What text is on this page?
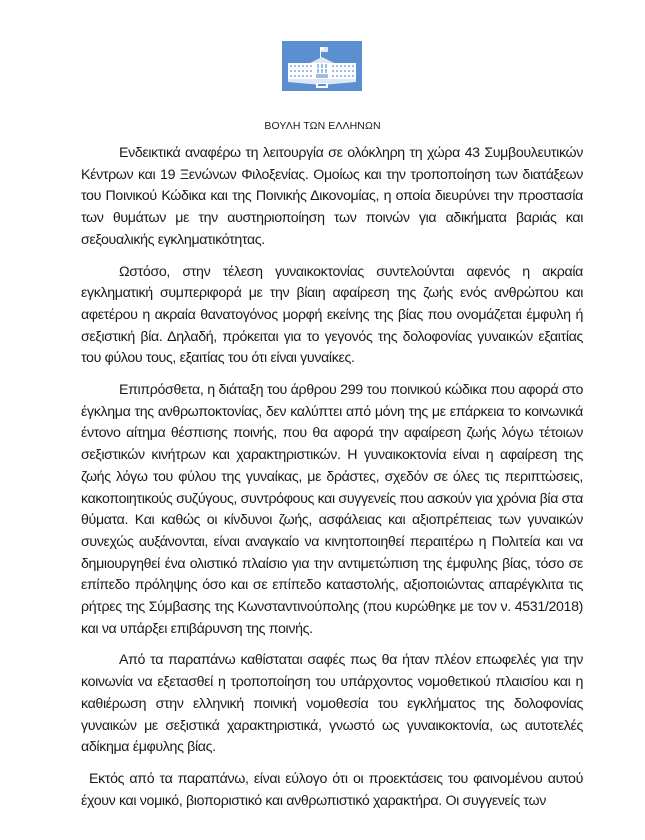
ΒΟΥΛΗ ΤΩΝ ΕΛΛΗΝΩΝ

Ενδεικτικά αναφέρω τη λειτουργία σε ολόκληρη τη χώρα 43 Συμβουλευτικών Κέντρων και 19 Ξενώνων Φιλοξενίας. Ομοίως και την τροποποίηση των διατάξεων του Ποινικού Κώδικα και της Ποινικής Δικονομίας, η οποία διευρύνει την προστασία των θυμάτων με την αυστηριοποίηση των ποινών για αδικήματα βαριάς και σεξουαλικής εγκληματικότητας.

Ωστόσο, στην τέλεση γυναικοκτονίας συντελούνται αφενός η ακραία εγκληματική συμπεριφορά με την βίαιη αφαίρεση της ζωής ενός ανθρώπου και αφετέρου η ακραία θανατογόνος μορφή εκείνης της βίας που ονομάζεται έμφυλη ή σεξιστική βία. Δηλαδή, πρόκειται για το γεγονός της δολοφονίας γυναικών εξαιτίας του φύλου τους, εξαιτίας του ότι είναι γυναίκες.

Επιπρόσθετα, η διάταξη του άρθρου 299 του ποινικού κώδικα που αφορά στο έγκλημα της ανθρωποκτονίας, δεν καλύπτει από μόνη της με επάρκεια το κοινωνικά έντονο αίτημα θέσπισης ποινής, που θα αφορά την αφαίρεση ζωής λόγω τέτοιων σεξιστικών κινήτρων και χαρακτηριστικών. Η γυναικοκτονία είναι η αφαίρεση της ζωής λόγω του φύλου της γυναίκας, με δράστες, σχεδόν σε όλες τις περιπτώσεις, κακοποιητικούς συζύγους, συντρόφους και συγγενείς που ασκούν για χρόνια βία στα θύματα. Και καθώς οι κίνδυνοι ζωής, ασφάλειας και αξιοπρέπειας των γυναικών συνεχώς αυξάνονται, είναι αναγκαίο να κινητοποιηθεί περαιτέρω η Πολιτεία και να δημιουργηθεί ένα ολιστικό πλαίσιο για την αντιμετώπιση της έμφυλης βίας, τόσο σε επίπεδο πρόληψης όσο και σε επίπεδο καταστολής, αξιοποιώντας απαρέγκλιτα τις ρήτρες της Σύμβασης της Κωνσταντινούπολης (που κυρώθηκε με τον ν. 4531/2018) και να υπάρξει επιβάρυνση της ποινής.

Από τα παραπάνω καθίσταται σαφές πως θα ήταν πλέον επωφελές για την κοινωνία να εξετασθεί η τροποποίηση του υπάρχοντος νομοθετικού πλαισίου και η καθιέρωση στην ελληνική ποινική νομοθεσία του εγκλήματος της δολοφονίας γυναικών με σεξιστικά χαρακτηριστικά, γνωστό ως γυναικοκτονία, ως αυτοτελές αδίκημα έμφυλης βίας.

Εκτός από τα παραπάνω, είναι εύλογο ότι οι προεκτάσεις του φαινομένου αυτού έχουν και νομικό, βιοποριστικό και ανθρωπιστικό χαρακτήρα. Οι συγγενείς των
